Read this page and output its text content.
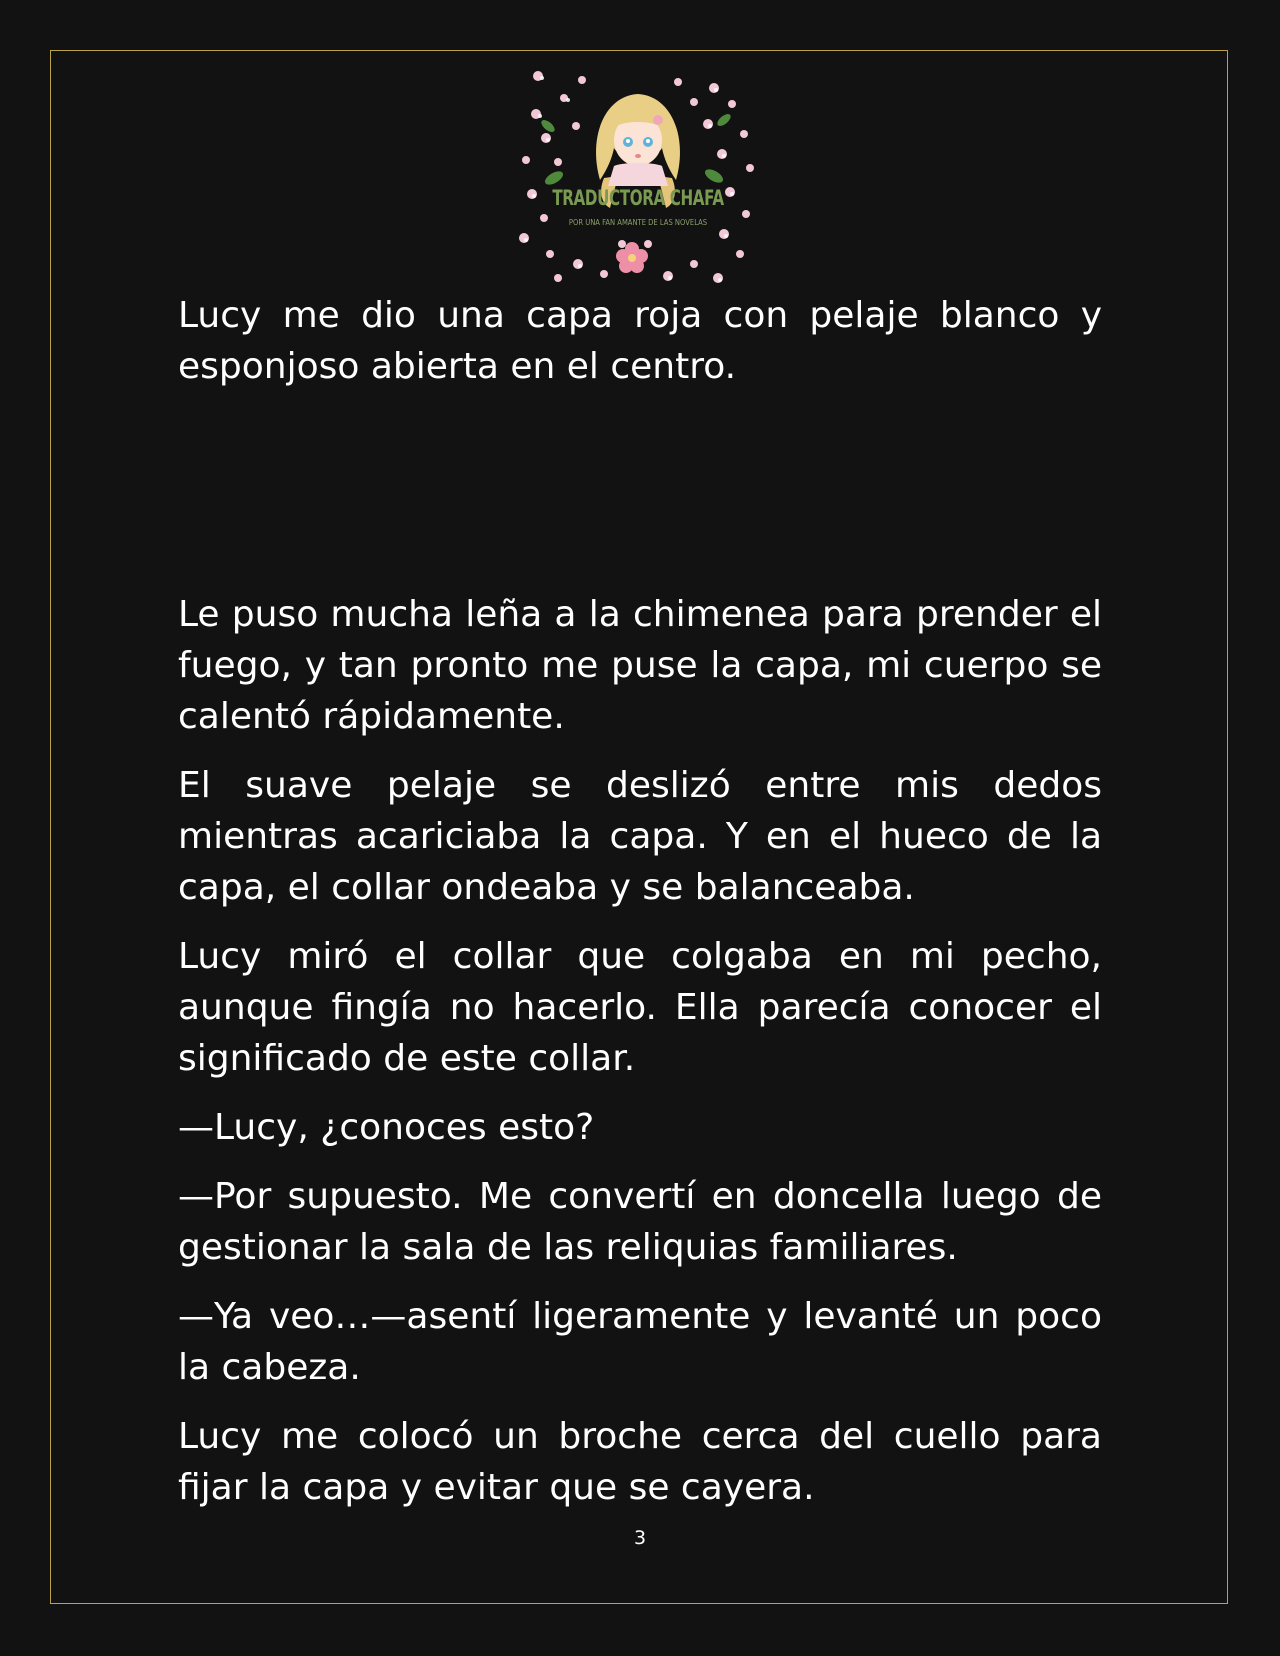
TRADUCTORA CHAFA
POR UNA FAN AMANTE DE LAS NOVELAS

Lucy me dio una capa roja con pelaje blanco y esponjoso abierta en el centro.

Le puso mucha leña a la chimenea para prender el fuego, y tan pronto me puse la capa, mi cuerpo se calentó rápidamente.

El suave pelaje se deslizó entre mis dedos mientras acariciaba la capa. Y en el hueco de la capa, el collar ondeaba y se balanceaba.

Lucy miró el collar que colgaba en mi pecho, aunque fingía no hacerlo. Ella parecía conocer el significado de este collar.

—Lucy, ¿conoces esto?

—Por supuesto. Me convertí en doncella luego de gestionar la sala de las reliquias familiares.

—Ya veo…—asentí ligeramente y levanté un poco la cabeza.

Lucy me colocó un broche cerca del cuello para fijar la capa y evitar que se cayera.

3
